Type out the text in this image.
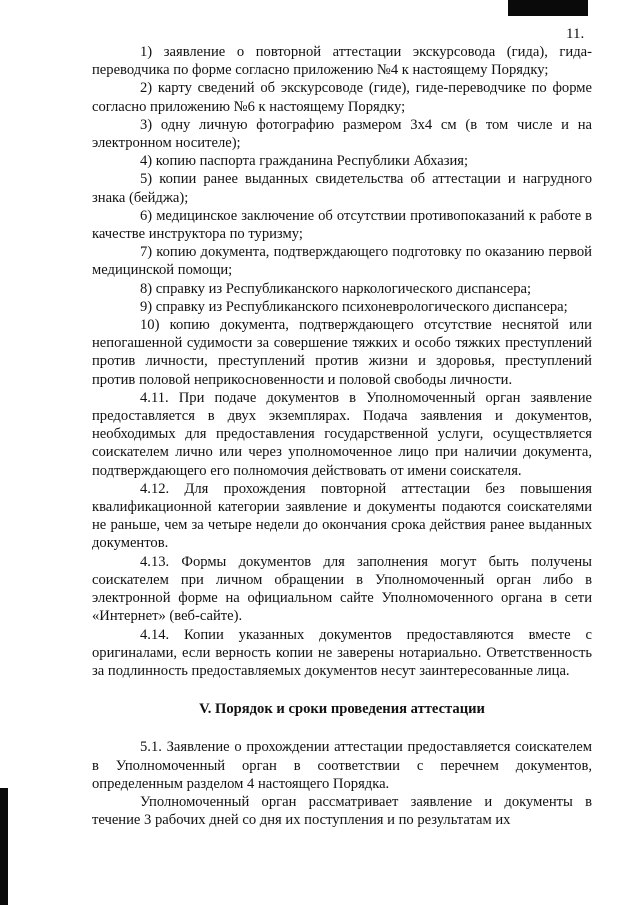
11.

1) заявление о повторной аттестации экскурсовода (гида), гида-переводчика по форме согласно приложению №4 к настоящему Порядку;

2) карту сведений об экскурсоводе (гиде), гиде-переводчике по форме согласно приложению №6 к настоящему Порядку;

3) одну личную фотографию размером 3х4 см (в том числе и на электронном носителе);

4) копию паспорта гражданина Республики Абхазия;

5) копии ранее выданных свидетельства об аттестации и нагрудного знака (бейджа);

6) медицинское заключение об отсутствии противопоказаний к работе в качестве инструктора по туризму;

7) копию документа, подтверждающего подготовку по оказанию первой медицинской помощи;

8) справку из Республиканского наркологического диспансера;

9) справку из Республиканского психоневрологического диспансера;

10) копию документа, подтверждающего отсутствие неснятой или непогашенной судимости за совершение тяжких и особо тяжких преступлений против личности, преступлений против жизни и здоровья, преступлений против половой неприкосновенности и половой свободы личности.

4.11. При подаче документов в Уполномоченный орган заявление предоставляется в двух экземплярах. Подача заявления и документов, необходимых для предоставления государственной услуги, осуществляется соискателем лично или через уполномоченное лицо при наличии документа, подтверждающего его полномочия действовать от имени соискателя.

4.12. Для прохождения повторной аттестации без повышения квалификационной категории заявление и документы подаются соискателями не раньше, чем за четыре недели до окончания срока действия ранее выданных документов.

4.13. Формы документов для заполнения могут быть получены соискателем при личном обращении в Уполномоченный орган либо в электронной форме на официальном сайте Уполномоченного органа в сети «Интернет» (веб-сайте).

4.14. Копии указанных документов предоставляются вместе с оригиналами, если верность копии не заверены нотариально. Ответственность за подлинность предоставляемых документов несут заинтересованные лица.

V. Порядок и сроки проведения аттестации

5.1. Заявление о прохождении аттестации предоставляется соискателем в Уполномоченный орган в соответствии с перечнем документов, определенным разделом 4 настоящего Порядка.

Уполномоченный орган рассматривает заявление и документы в течение 3 рабочих дней со дня их поступления и по результатам их
